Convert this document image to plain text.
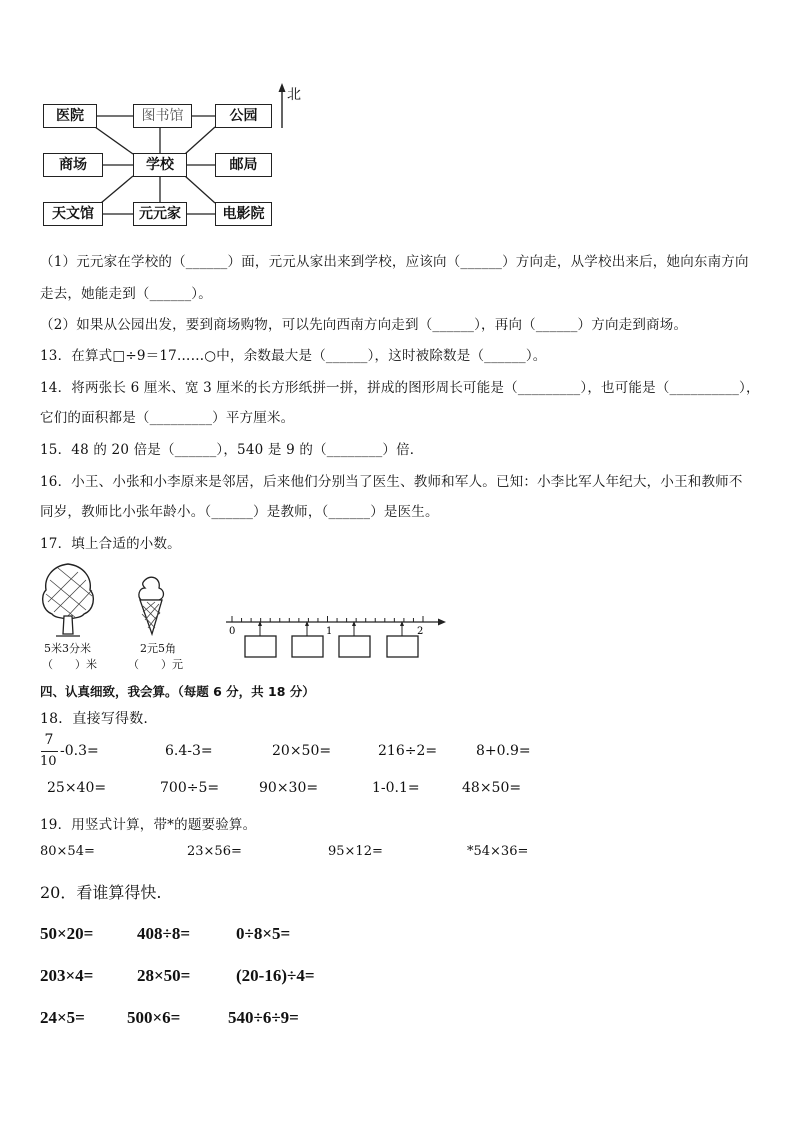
北
医院	图书馆	公园
商场	学校	邮局
天文馆	元元家	电影院
（1）元元家在学校的（______）面，元元从家出来到学校，应该向（______）方向走，从学校出来后，她向东南方向
走去，她能走到（______）。
（2）如果从公园出发，要到商场购物，可以先向西南方向走到（______），再向（______）方向走到商场。
13．在算式□÷9＝17……○中，余数最大是（______），这时被除数是（______）。
14．将两张长 6 厘米、宽 3 厘米的长方形纸拼一拼，拼成的图形周长可能是（_________），也可能是（__________），
它们的面积都是（_________）平方厘米。
15．48 的 20 倍是（______），540 是 9 的（________）倍．
16．小王、小张和小李原来是邻居，后来他们分别当了医生、教师和军人。已知：小李比军人年纪大，小王和教师不
同岁，教师比小张年龄小。（______）是教师，（______）是医生。
17．填上合适的小数。
5米3分米
（　　）米
2元5角
（　　）元
0	1	2
四、认真细致，我会算。（每题 6 分，共 18 分）
18．直接写得数.
7
10
-0.3=	6.4-3=	20×50=	216÷2=	8+0.9=
25×40=	700÷5=	90×30=	1-0.1=	48×50=
19．用竖式计算，带*的题要验算。
80×54=	23×56=	95×12=	*54×36=
20．看谁算得快.
50×20=	408÷8=	0÷8×5=
203×4=	28×50=	(20-16)÷4=
24×5= 500×6=	540÷6÷9=
